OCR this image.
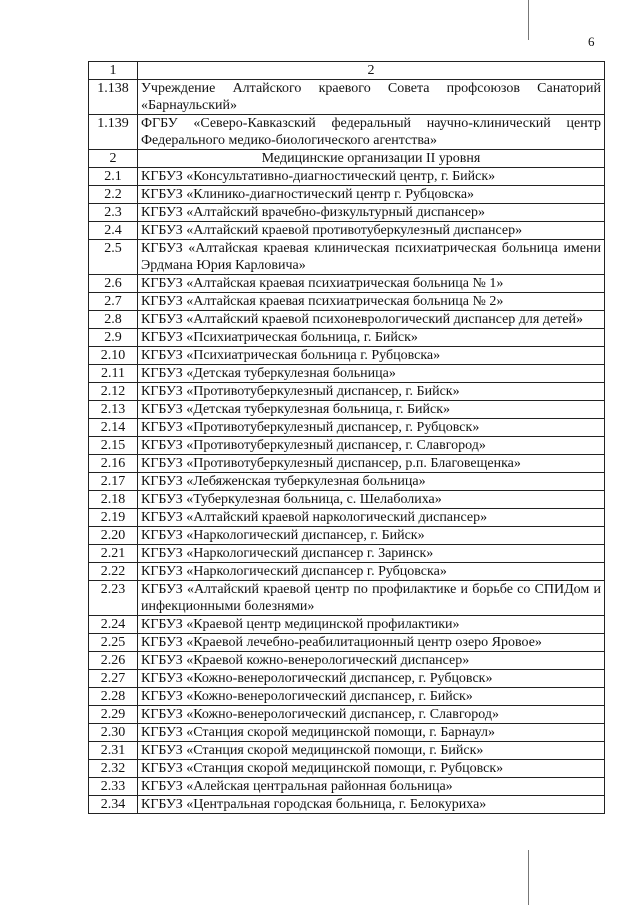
6
1	2
1.138	Учреждение Алтайского краевого Совета профсоюзов Санаторий «Барнаульский»
1.139	ФГБУ «Северо-Кавказский федеральный научно-клинический центр Федерального медико-биологического агентства»
2	Медицинские организации II уровня
2.1	КГБУЗ «Консультативно-диагностический центр, г. Бийск»
2.2	КГБУЗ «Клинико-диагностический центр г. Рубцовска»
2.3	КГБУЗ «Алтайский врачебно-физкультурный диспансер»
2.4	КГБУЗ «Алтайский краевой противотуберкулезный диспансер»
2.5	КГБУЗ «Алтайская краевая клиническая психиатрическая больница имени Эрдмана Юрия Карловича»
2.6	КГБУЗ «Алтайская краевая психиатрическая больница № 1»
2.7	КГБУЗ «Алтайская краевая психиатрическая больница № 2»
2.8	КГБУЗ «Алтайский краевой психоневрологический диспансер для детей»
2.9	КГБУЗ «Психиатрическая больница, г. Бийск»
2.10	КГБУЗ «Психиатрическая больница г. Рубцовска»
2.11	КГБУЗ «Детская туберкулезная больница»
2.12	КГБУЗ «Противотуберкулезный диспансер, г. Бийск»
2.13	КГБУЗ «Детская туберкулезная больница, г. Бийск»
2.14	КГБУЗ «Противотуберкулезный диспансер, г. Рубцовск»
2.15	КГБУЗ «Противотуберкулезный диспансер, г. Славгород»
2.16	КГБУЗ «Противотуберкулезный диспансер, р.п. Благовещенка»
2.17	КГБУЗ «Лебяженская туберкулезная больница»
2.18	КГБУЗ «Туберкулезная больница, с. Шелаболиха»
2.19	КГБУЗ «Алтайский краевой наркологический диспансер»
2.20	КГБУЗ «Наркологический диспансер, г. Бийск»
2.21	КГБУЗ «Наркологический диспансер г. Заринск»
2.22	КГБУЗ «Наркологический диспансер г. Рубцовска»
2.23	КГБУЗ «Алтайский краевой центр по профилактике и борьбе со СПИДом и инфекционными болезнями»
2.24	КГБУЗ «Краевой центр медицинской профилактики»
2.25	КГБУЗ «Краевой лечебно-реабилитационный центр озеро Яровое»
2.26	КГБУЗ «Краевой кожно-венерологический диспансер»
2.27	КГБУЗ «Кожно-венерологический диспансер, г. Рубцовск»
2.28	КГБУЗ «Кожно-венерологический диспансер, г. Бийск»
2.29	КГБУЗ «Кожно-венерологический диспансер, г. Славгород»
2.30	КГБУЗ «Станция скорой медицинской помощи, г. Барнаул»
2.31	КГБУЗ «Станция скорой медицинской помощи, г. Бийск»
2.32	КГБУЗ «Станция скорой медицинской помощи, г. Рубцовск»
2.33	КГБУЗ «Алейская центральная районная больница»
2.34	КГБУЗ «Центральная городская больница, г. Белокуриха»
